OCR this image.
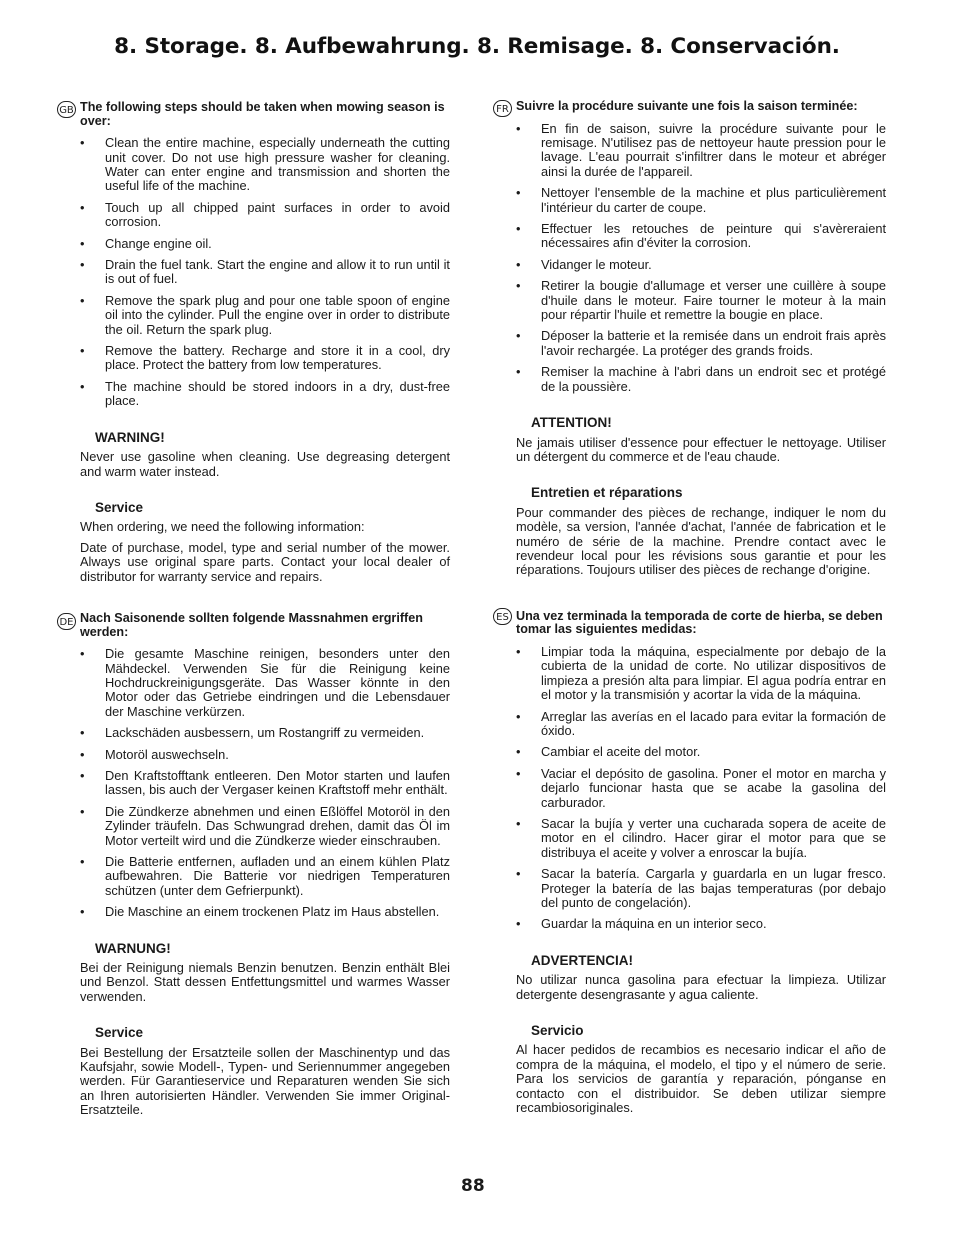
8. Storage. 8. Aufbewahrung. 8. Remisage. 8. Conservación.
GB The following steps should be taken when mowing season is over:
• Clean the entire machine, especially underneath the cutting unit cover. Do not use high pressure washer for cleaning. Water can enter engine and transmission and shorten the useful life of the machine.
• Touch up all chipped paint surfaces in order to avoid corrosion.
• Change engine oil.
• Drain the fuel tank. Start the engine and allow it to run until it is out of fuel.
• Remove the spark plug and pour one table spoon of engine oil into the cylinder. Pull the engine over in order to distribute the oil. Return the spark plug.
• Remove the battery. Recharge and store it in a cool, dry place. Protect the battery from low temperatures.
• The machine should be stored indoors in a dry, dust-free place.
WARNING!
Never use gasoline when cleaning. Use degreasing detergent and warm water instead.
Service
When ordering, we need the following information:
Date of purchase, model, type and serial number of the mower. Always use original spare parts. Contact your local dealer of distributor for warranty service and repairs.
DE Nach Saisonende sollten folgende Massnahmen ergriffen werden:
• Die gesamte Maschine reinigen, besonders unter den Mähdeckel. Verwenden Sie für die Reinigung keine Hochdruckreinigungsgeräte. Das Wasser könnte in den Motor oder das Getriebe eindringen und die Lebensdauer der Maschine verkürzen.
• Lackschäden ausbessern, um Rostangriff zu vermeiden.
• Motoröl auswechseln.
• Den Kraftstofftank entleeren. Den Motor starten und laufen lassen, bis auch der Vergaser keinen Kraftstoff mehr enthält.
• Die Zündkerze abnehmen und einen Eßlöffel Motoröl in den Zylinder träufeln. Das Schwungrad drehen, damit das Öl im Motor verteilt wird und die Zündkerze wieder einschrauben.
• Die Batterie entfernen, aufladen und an einem kühlen Platz aufbewahren. Die Batterie vor niedrigen Temperaturen schützen (unter dem Gefrierpunkt).
• Die Maschine an einem trockenen Platz im Haus abstellen.
WARNUNG!
Bei der Reinigung niemals Benzin benutzen. Benzin enthält Blei und Benzol. Statt dessen Entfettungsmittel und warmes Wasser verwenden.
Service
Bei Bestellung der Ersatzteile sollen der Maschinentyp und das Kaufsjahr, sowie Modell-, Typen- und Seriennummer angegeben werden. Für Garantieservice und Reparaturen wenden Sie sich an Ihren autorisierten Händler. Verwenden Sie immer Original-Ersatzteile.
FR Suivre la procédure suivante une fois la saison terminée:
• En fin de saison, suivre la procédure suivante pour le remisage. N'utilisez pas de nettoyeur haute pression pour le lavage. L'eau pourrait s'infiltrer dans le moteur et abréger ainsi la durée de l'appareil.
• Nettoyer l'ensemble de la machine et plus particulièrement l'intérieur du carter de coupe.
• Effectuer les retouches de peinture qui s'avèreraient nécessaires afin d'éviter la corrosion.
• Vidanger le moteur.
• Retirer la bougie d'allumage et verser une cuillère à soupe d'huile dans le moteur. Faire tourner le moteur à la main pour répartir l'huile et remettre la bougie en place.
• Déposer la batterie et la remisée dans un endroit frais après l'avoir rechargée. La protéger des grands froids.
• Remiser la machine à l'abri dans un endroit sec et protégé de la poussière.
ATTENTION!
Ne jamais utiliser d'essence pour effectuer le nettoyage. Utiliser un détergent du commerce et de l'eau chaude.
Entretien et réparations
Pour commander des pièces de rechange, indiquer le nom du modèle, sa version, l'année d'achat, l'année de fabrication et le numéro de série de la machine. Prendre contact avec le revendeur local pour les révisions sous garantie et pour les réparations. Toujours utiliser des pièces de rechange d'origine.
ES Una vez terminada la temporada de corte de hierba, se deben tomar las siguientes medidas:
• Limpiar toda la máquina, especialmente por debajo de la cubierta de la unidad de corte. No utilizar dispositivos de limpieza a presión alta para limpiar. El agua podría entrar en el motor y la transmisión y acortar la vida de la máquina.
• Arreglar las averías en el lacado para evitar la formación de óxido.
• Cambiar el aceite del motor.
• Vaciar el depósito de gasolina. Poner el motor en marcha y dejarlo funcionar hasta que se acabe la gasolina del carburador.
• Sacar la bujía y verter una cucharada sopera de aceite de motor en el cilindro. Hacer girar el motor para que se distribuya el aceite y volver a enroscar la bujía.
• Sacar la batería. Cargarla y guardarla en un lugar fresco. Proteger la batería de las bajas temperaturas (por debajo del punto de congelación).
• Guardar la máquina en un interior seco.
ADVERTENCIA!
No utilizar nunca gasolina para efectuar la limpieza. Utilizar detergente desengrasante y agua caliente.
Servicio
Al hacer pedidos de recambios es necesario indicar el año de compra de la máquina, el modelo, el tipo y el número de serie. Para los servicios de garantía y reparación, pónganse en contacto con el distribuidor. Se deben utilizar siempre recambiosoriginales.
88
